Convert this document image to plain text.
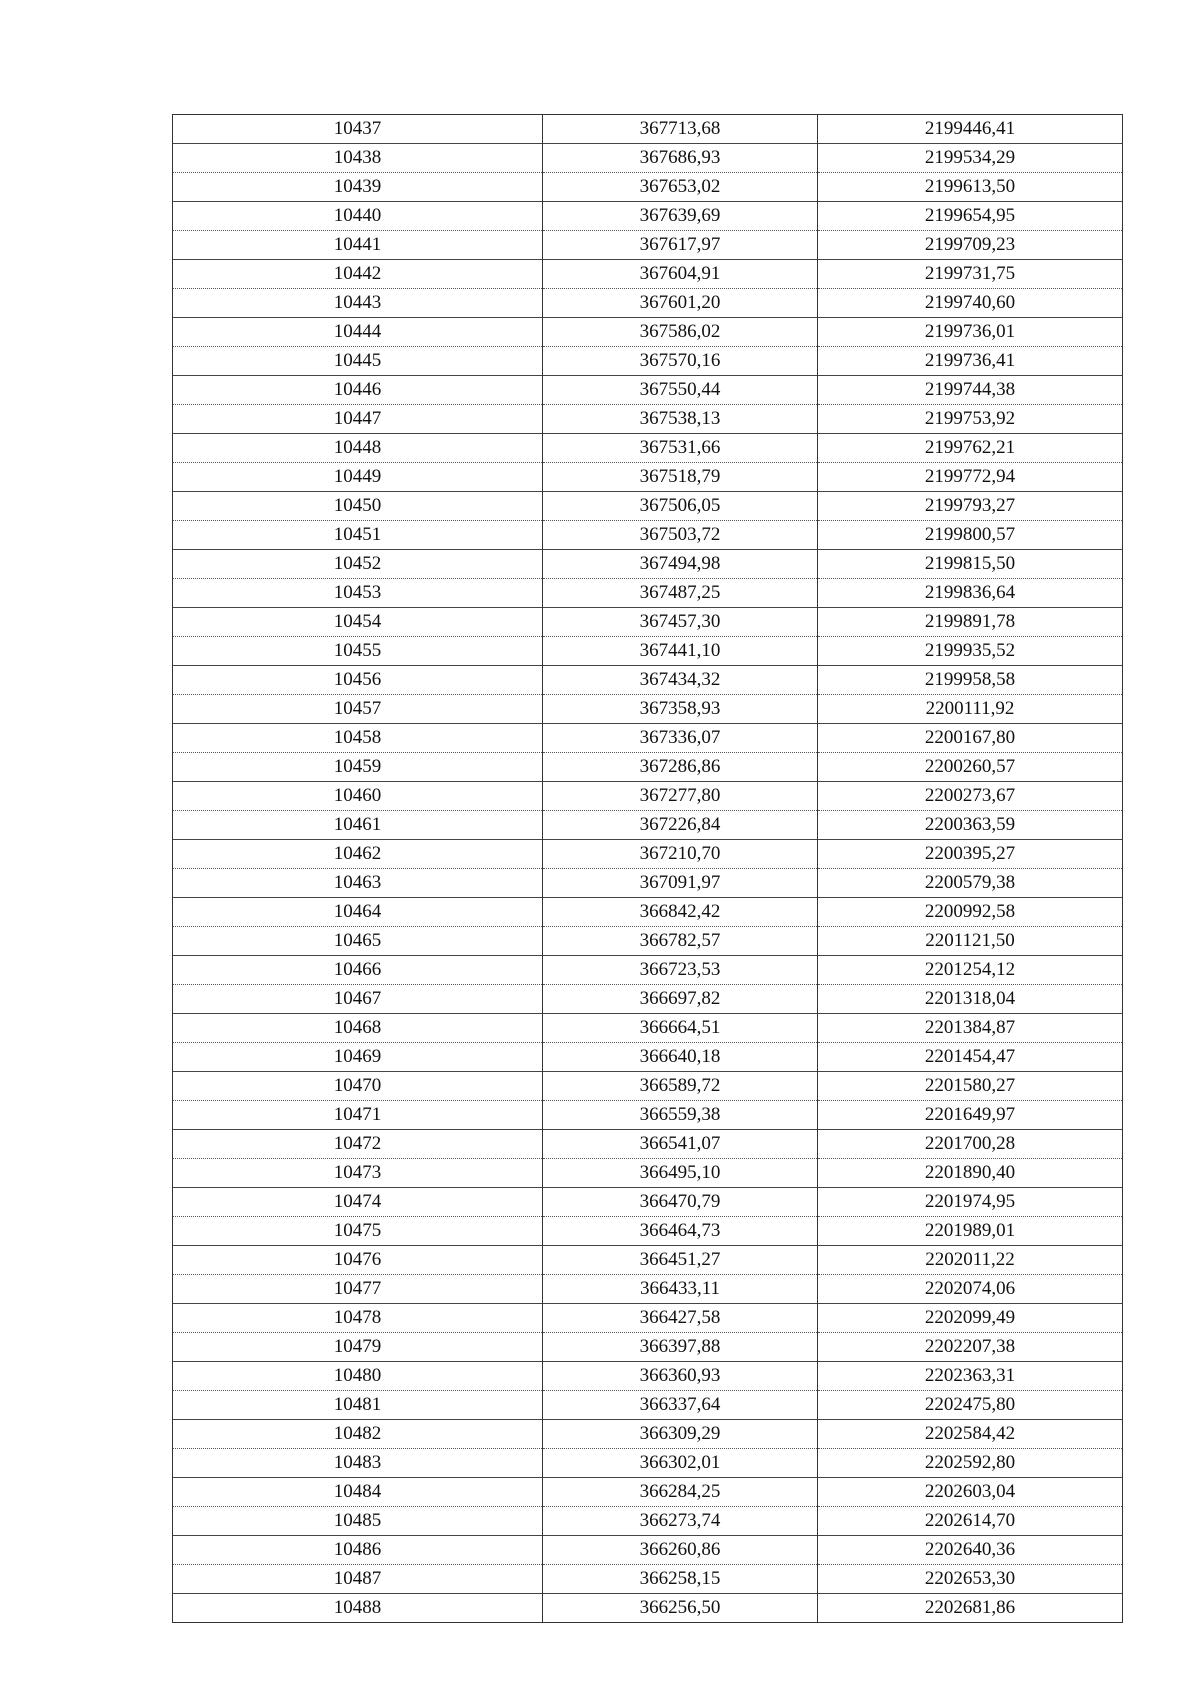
10437	367713,68	2199446,41
10438	367686,93	2199534,29
10439	367653,02	2199613,50
10440	367639,69	2199654,95
10441	367617,97	2199709,23
10442	367604,91	2199731,75
10443	367601,20	2199740,60
10444	367586,02	2199736,01
10445	367570,16	2199736,41
10446	367550,44	2199744,38
10447	367538,13	2199753,92
10448	367531,66	2199762,21
10449	367518,79	2199772,94
10450	367506,05	2199793,27
10451	367503,72	2199800,57
10452	367494,98	2199815,50
10453	367487,25	2199836,64
10454	367457,30	2199891,78
10455	367441,10	2199935,52
10456	367434,32	2199958,58
10457	367358,93	2200111,92
10458	367336,07	2200167,80
10459	367286,86	2200260,57
10460	367277,80	2200273,67
10461	367226,84	2200363,59
10462	367210,70	2200395,27
10463	367091,97	2200579,38
10464	366842,42	2200992,58
10465	366782,57	2201121,50
10466	366723,53	2201254,12
10467	366697,82	2201318,04
10468	366664,51	2201384,87
10469	366640,18	2201454,47
10470	366589,72	2201580,27
10471	366559,38	2201649,97
10472	366541,07	2201700,28
10473	366495,10	2201890,40
10474	366470,79	2201974,95
10475	366464,73	2201989,01
10476	366451,27	2202011,22
10477	366433,11	2202074,06
10478	366427,58	2202099,49
10479	366397,88	2202207,38
10480	366360,93	2202363,31
10481	366337,64	2202475,80
10482	366309,29	2202584,42
10483	366302,01	2202592,80
10484	366284,25	2202603,04
10485	366273,74	2202614,70
10486	366260,86	2202640,36
10487	366258,15	2202653,30
10488	366256,50	2202681,86
